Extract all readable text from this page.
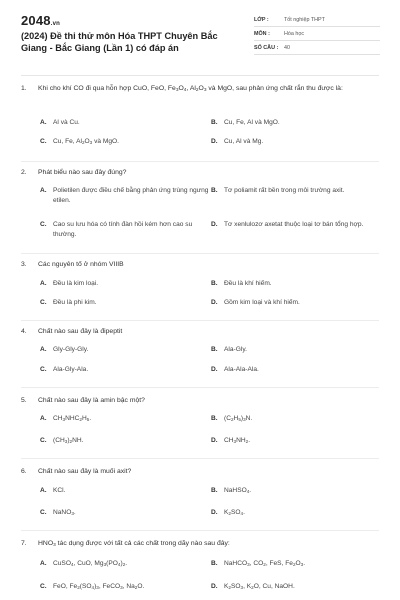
2048.vn
(2024) Đề thi thử môn Hóa THPT Chuyên Bắc Giang - Bắc Giang (Lần 1) có đáp án
LỚP :	Tốt nghiệp THPT
MÔN :	Hóa học
SỐ CÂU : 40
1. Khi cho khí CO đi qua hỗn hợp CuO, FeO, $Fe_3O_4$, $Al_2O_3$ và MgO, sau phản ứng chất rắn thu được là:
A. Al và Cu.	B. Cu, Fe, Al và MgO.
C. Cu, Fe, $Al_2O_3$ và MgO.	D. Cu, Al và Mg.
2. Phát biểu nào sau đây đúng?
A. Polietilen được điều chế bằng phản ứng trùng ngưng etilen.
B. Tơ poliamit rất bền trong môi trường axit.
C. Cao su lưu hóa có tính đàn hồi kém hơn cao su thường.
D. Tơ xenlulozơ axetat thuộc loại tơ bán tổng hợp.
3. Các nguyên tố ở nhóm VIIIB
A. Đều là kim loại.	B. Đều là khí hiếm.
C. Đều là phi kim.	D. Gồm kim loại và khí hiếm.
4. Chất nào sau đây là đipeptit
A. Gly-Gly-Gly.	B. Ala-Gly.
C. Ala-Gly-Ala.	D. Ala-Ala-Ala.
5. Chất nào sau đây là amin bậc một?
A. $CH_3NHC_2H_5$.	B. $(C_2H_5)_3N$.
C. $(CH_3)_2NH$.	D. $CH_3NH_2$.
6. Chất nào sau đây là muối axit?
A. KCl.	B. NaHSO$_4$.
C. NaNO$_3$.	D. $K_2SO_4$.
7. $HNO_3$ tác dụng được với tất cả các chất trong dãy nào sau đây:
A. CuSO$_4$, CuO, $Mg_3(PO_4)_2$.	B. NaHCO$_3$, $CO_2$, FeS, $Fe_2O_3$.
C. FeO, $Fe_2(SO_4)_3$, FeCO$_3$, $Na_2O$.	D. $K_2SO_3$, $K_2O$, Cu, NaOH.
